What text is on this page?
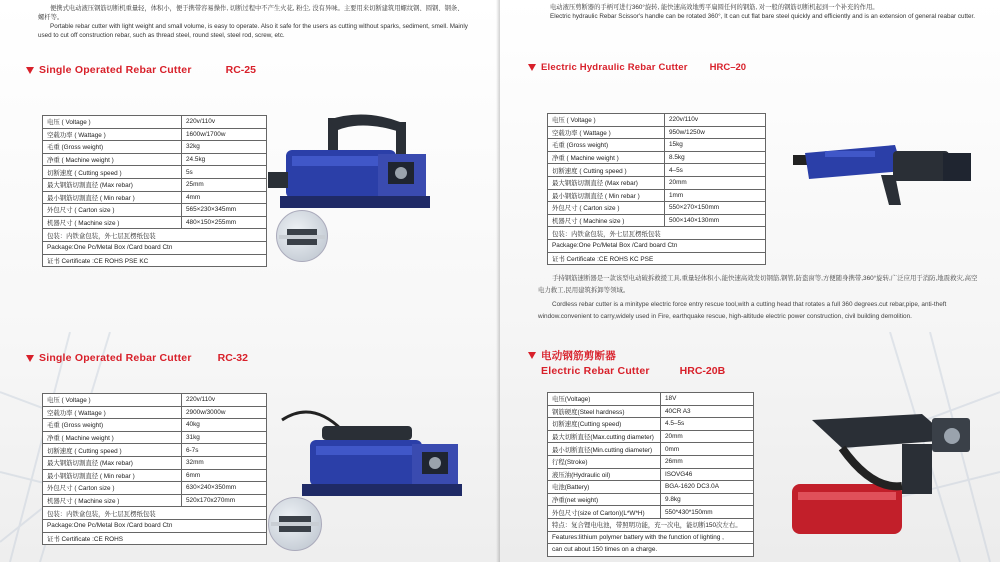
便携式电动液压钢筋切断机重量轻，体积小，便于携带容易操作, 切断过程中不产生火花, 粉尘, 没有异味。主要用来切断建筑用螺纹钢、圆钢、钢条、螺杆等。

Portable rebar cutter with light weight and small volume, is easy to operate. Also it safe for the users as cutting without sparks, sediment, smell. Mainly used to cut off construction rebar, such as thread steel, round steel, steel rod, screw, etc.

Single Operated Rebar Cutter	RC-25
电压 ( Voltage )	220v/110v
空载功率 ( Wattage )	1600w/1700w
毛重 (Gross weight)	32kg
净重 ( Machine weight )	24.5kg
切断速度 ( Cutting speed )	5s
最大钢筋切割直径 (Max rebar)	25mm
最小钢筋切割直径 ( Min rebar )	4mm
外包尺寸 ( Carton size )	565×230×345mm
机器尺寸 ( Machine size )	480×150×255mm
包装：内铁盒包装，外七层瓦楞纸包装	
Package:One Pc/Metal Box /Card board Ctn	
证书 Certificate :CE ROHS PSE KC	
Single Operated Rebar Cutter RC-32
电压 ( Voltage )	220v/110v
空载功率 ( Wattage )	2900w/3000w
毛重 (Gross weight)	40kg
净重 ( Machine weight )	31kg
切断速度 ( Cutting speed )	6-7s
最大钢筋切割直径 (Max rebar)	32mm
最小钢筋切割直径 ( Min rebar )	6mm
外包尺寸 ( Carton size )	630×240×350mm
机器尺寸 ( Machine size )	520x170x270mm
包装：内铁盒包装，外七层瓦楞纸包装	
Package:One Pc/Metal Box /Card board Ctn	
证书 Certificate :CE ROHS	

电动液压剪断器的手柄可进行360°旋转, 能快速高效地剪平扁圆任何的钢筋, 对一般的钢筋切断机起到一个补充的作用。

Electric hydraulic Rebar Scissor's handle can be rotated 360°, It can cut flat bare steel quickly and efficiently and is an extension of general reabar cutter.

Electric Hydraulic Rebar Cutter HRC–20
电压 ( Voltage )	220v/110v
空载功率 ( Wattage )	950w/1250w
毛重 (Gross weight)	15kg
净重 ( Machine weight )	8.5kg
切断速度 ( Cutting speed )	4–5s
最大钢筋切割直径 (Max rebar)	20mm
最小钢筋切割直径 ( Min rebar )	1mm
外包尺寸 ( Carton size )	550×270×150mm
机器尺寸 ( Machine size )	500×140×130mm
包装：内铁盒包装，外七层瓦楞纸包装	
Package:One Pc/Metal Box /Card board Ctn	
证书 Certificate :CE ROHS KC PSE	

手持钢筋速断器是一款该型电动破拆救援工具,重量轻体积小,能快速高效发切钢筋,钢管,防盗窗等,方便随身携带,360°旋转,广泛应用于消防,地震救灾,高空电力救工,民用建筑拆卸等领域。

Cordless rebar cutter is a minitype electric force entry rescue tool,with a cutting head that rotates a full 360 degrees.cut rebar,pipe, anti-theft window.convenient to carry,widely used in Fire, earthquake rescue, high-altitude electric power construction, civil building demolition.

电动钢筋剪断器
Electric Rebar Cutter	HRC-20B
电压(Voltage)	18V
钢筋硬度(Steel hardness)	40CR A3
切断速度(Cutting speed)	4.5–5s
最大切断直径(Max.cutting diameter)	20mm
最小切断直径(Min.cutting diameter)	0mm
行程(Stroke)	26mm
液压油(Hydraulic oil)	ISOVG46
电池(Battery)	BGA-1620 DC3.0A
净重(net weight)	9.8kg
外包尺寸(size of Carton)(L*W*H)	550*430*150mm
特点：复合锂电电池，带照明功能，充一次电，能切断150次左右。	
Features:lithium polymer battery with the function of lighting ,	
can cut about 150 times on a charge.	
